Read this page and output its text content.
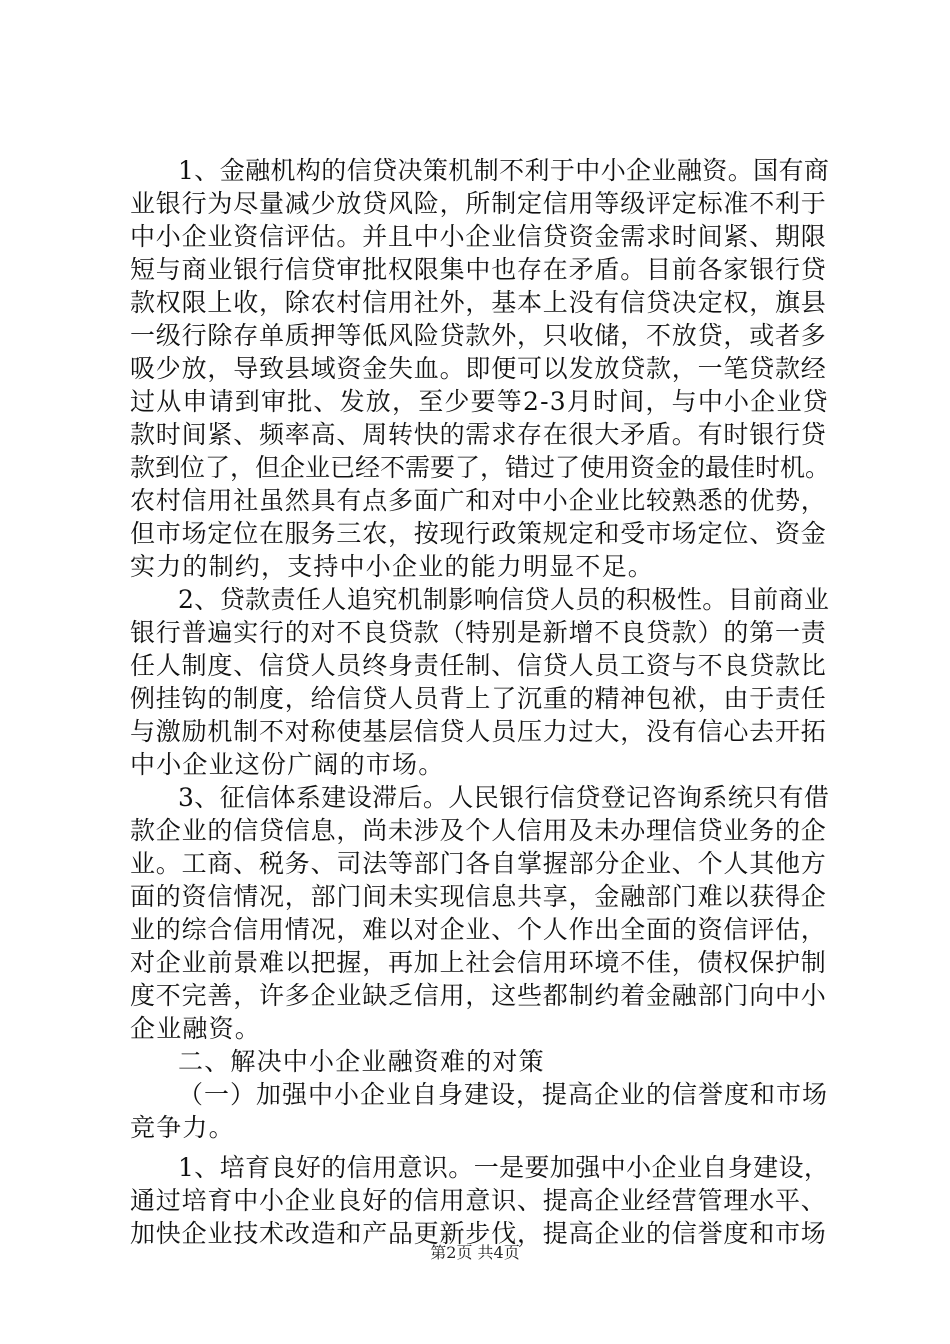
1、金融机构的信贷决策机制不利于中小企业融资。国有商
业银行为尽量减少放贷风险，所制定信用等级评定标准不利于
中小企业资信评估。并且中小企业信贷资金需求时间紧、期限
短与商业银行信贷审批权限集中也存在矛盾。目前各家银行贷
款权限上收，除农村信用社外，基本上没有信贷决定权，旗县
一级行除存单质押等低风险贷款外，只收储，不放贷，或者多
吸少放，导致县域资金失血。即便可以发放贷款，一笔贷款经
过从申请到审批、发放，至少要等2-3月时间，与中小企业贷
款时间紧、频率高、周转快的需求存在很大矛盾。有时银行贷
款到位了，但企业已经不需要了，错过了使用资金的最佳时机。
农村信用社虽然具有点多面广和对中小企业比较熟悉的优势，
但市场定位在服务三农，按现行政策规定和受市场定位、资金
实力的制约，支持中小企业的能力明显不足。
2、贷款责任人追究机制影响信贷人员的积极性。目前商业
银行普遍实行的对不良贷款（特别是新增不良贷款）的第一责
任人制度、信贷人员终身责任制、信贷人员工资与不良贷款比
例挂钩的制度，给信贷人员背上了沉重的精神包袱，由于责任
与激励机制不对称使基层信贷人员压力过大，没有信心去开拓
中小企业这份广阔的市场。
3、征信体系建设滞后。人民银行信贷登记咨询系统只有借
款企业的信贷信息，尚未涉及个人信用及未办理信贷业务的企
业。工商、税务、司法等部门各自掌握部分企业、个人其他方
面的资信情况，部门间未实现信息共享，金融部门难以获得企
业的综合信用情况，难以对企业、个人作出全面的资信评估，
对企业前景难以把握，再加上社会信用环境不佳，债权保护制
度不完善，许多企业缺乏信用，这些都制约着金融部门向中小
企业融资。
二、解决中小企业融资难的对策
（一）加强中小企业自身建设，提高企业的信誉度和市场
竞争力。
1、培育良好的信用意识。一是要加强中小企业自身建设，
通过培育中小企业良好的信用意识、提高企业经营管理水平、
加快企业技术改造和产品更新步伐，提高企业的信誉度和市场
第2页 共4页
